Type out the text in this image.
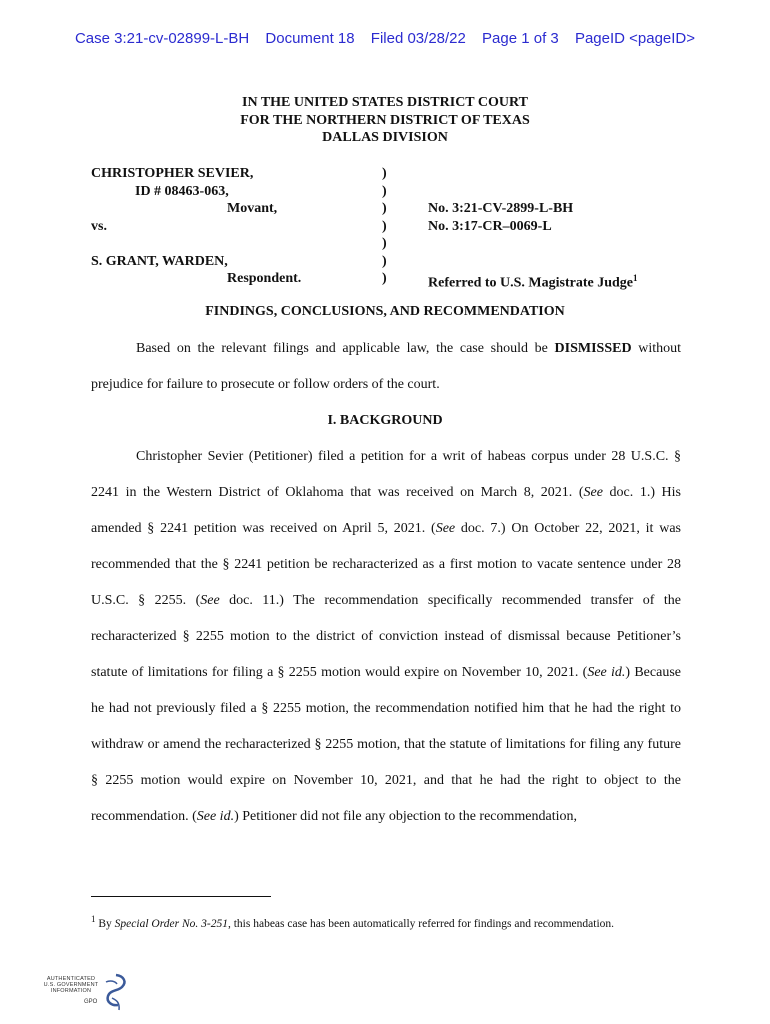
Case 3:21-cv-02899-L-BH Document 18 Filed 03/28/22 Page 1 of 3 PageID <pageID>
IN THE UNITED STATES DISTRICT COURT
FOR THE NORTHERN DISTRICT OF TEXAS
DALLAS DIVISION
CHRISTOPHER SEVIER,
ID # 08463-063,
Movant,
vs.
S. GRANT, WARDEN,
Respondent.
)
)
)
)
)
)
)
No. 3:21-CV-2899-L-BH
No. 3:17-CR–0069-L
Referred to U.S. Magistrate Judge$^1$
FINDINGS, CONCLUSIONS, AND RECOMMENDATION
Based on the relevant filings and applicable law, the case should be DISMISSED without prejudice for failure to prosecute or follow orders of the court.
I. BACKGROUND
Christopher Sevier (Petitioner) filed a petition for a writ of habeas corpus under 28 U.S.C. § 2241 in the Western District of Oklahoma that was received on March 8, 2021. (See doc. 1.) His amended § 2241 petition was received on April 5, 2021. (See doc. 7.) On October 22, 2021, it was recommended that the § 2241 petition be recharacterized as a first motion to vacate sentence under 28 U.S.C. § 2255. (See doc. 11.) The recommendation specifically recommended transfer of the recharacterized § 2255 motion to the district of conviction instead of dismissal because Petitioner’s statute of limitations for filing a § 2255 motion would expire on November 10, 2021. (See id.) Because he had not previously filed a § 2255 motion, the recommendation notified him that he had the right to withdraw or amend the recharacterized § 2255 motion, that the statute of limitations for filing any future § 2255 motion would expire on November 10, 2021, and that he had the right to object to the recommendation. (See id.) Petitioner did not file any objection to the recommendation,
$^1$ By Special Order No. 3-251, this habeas case has been automatically referred for findings and recommendation.
AUTHENTICATED
U.S. GOVERNMENT
INFORMATION
GPO
